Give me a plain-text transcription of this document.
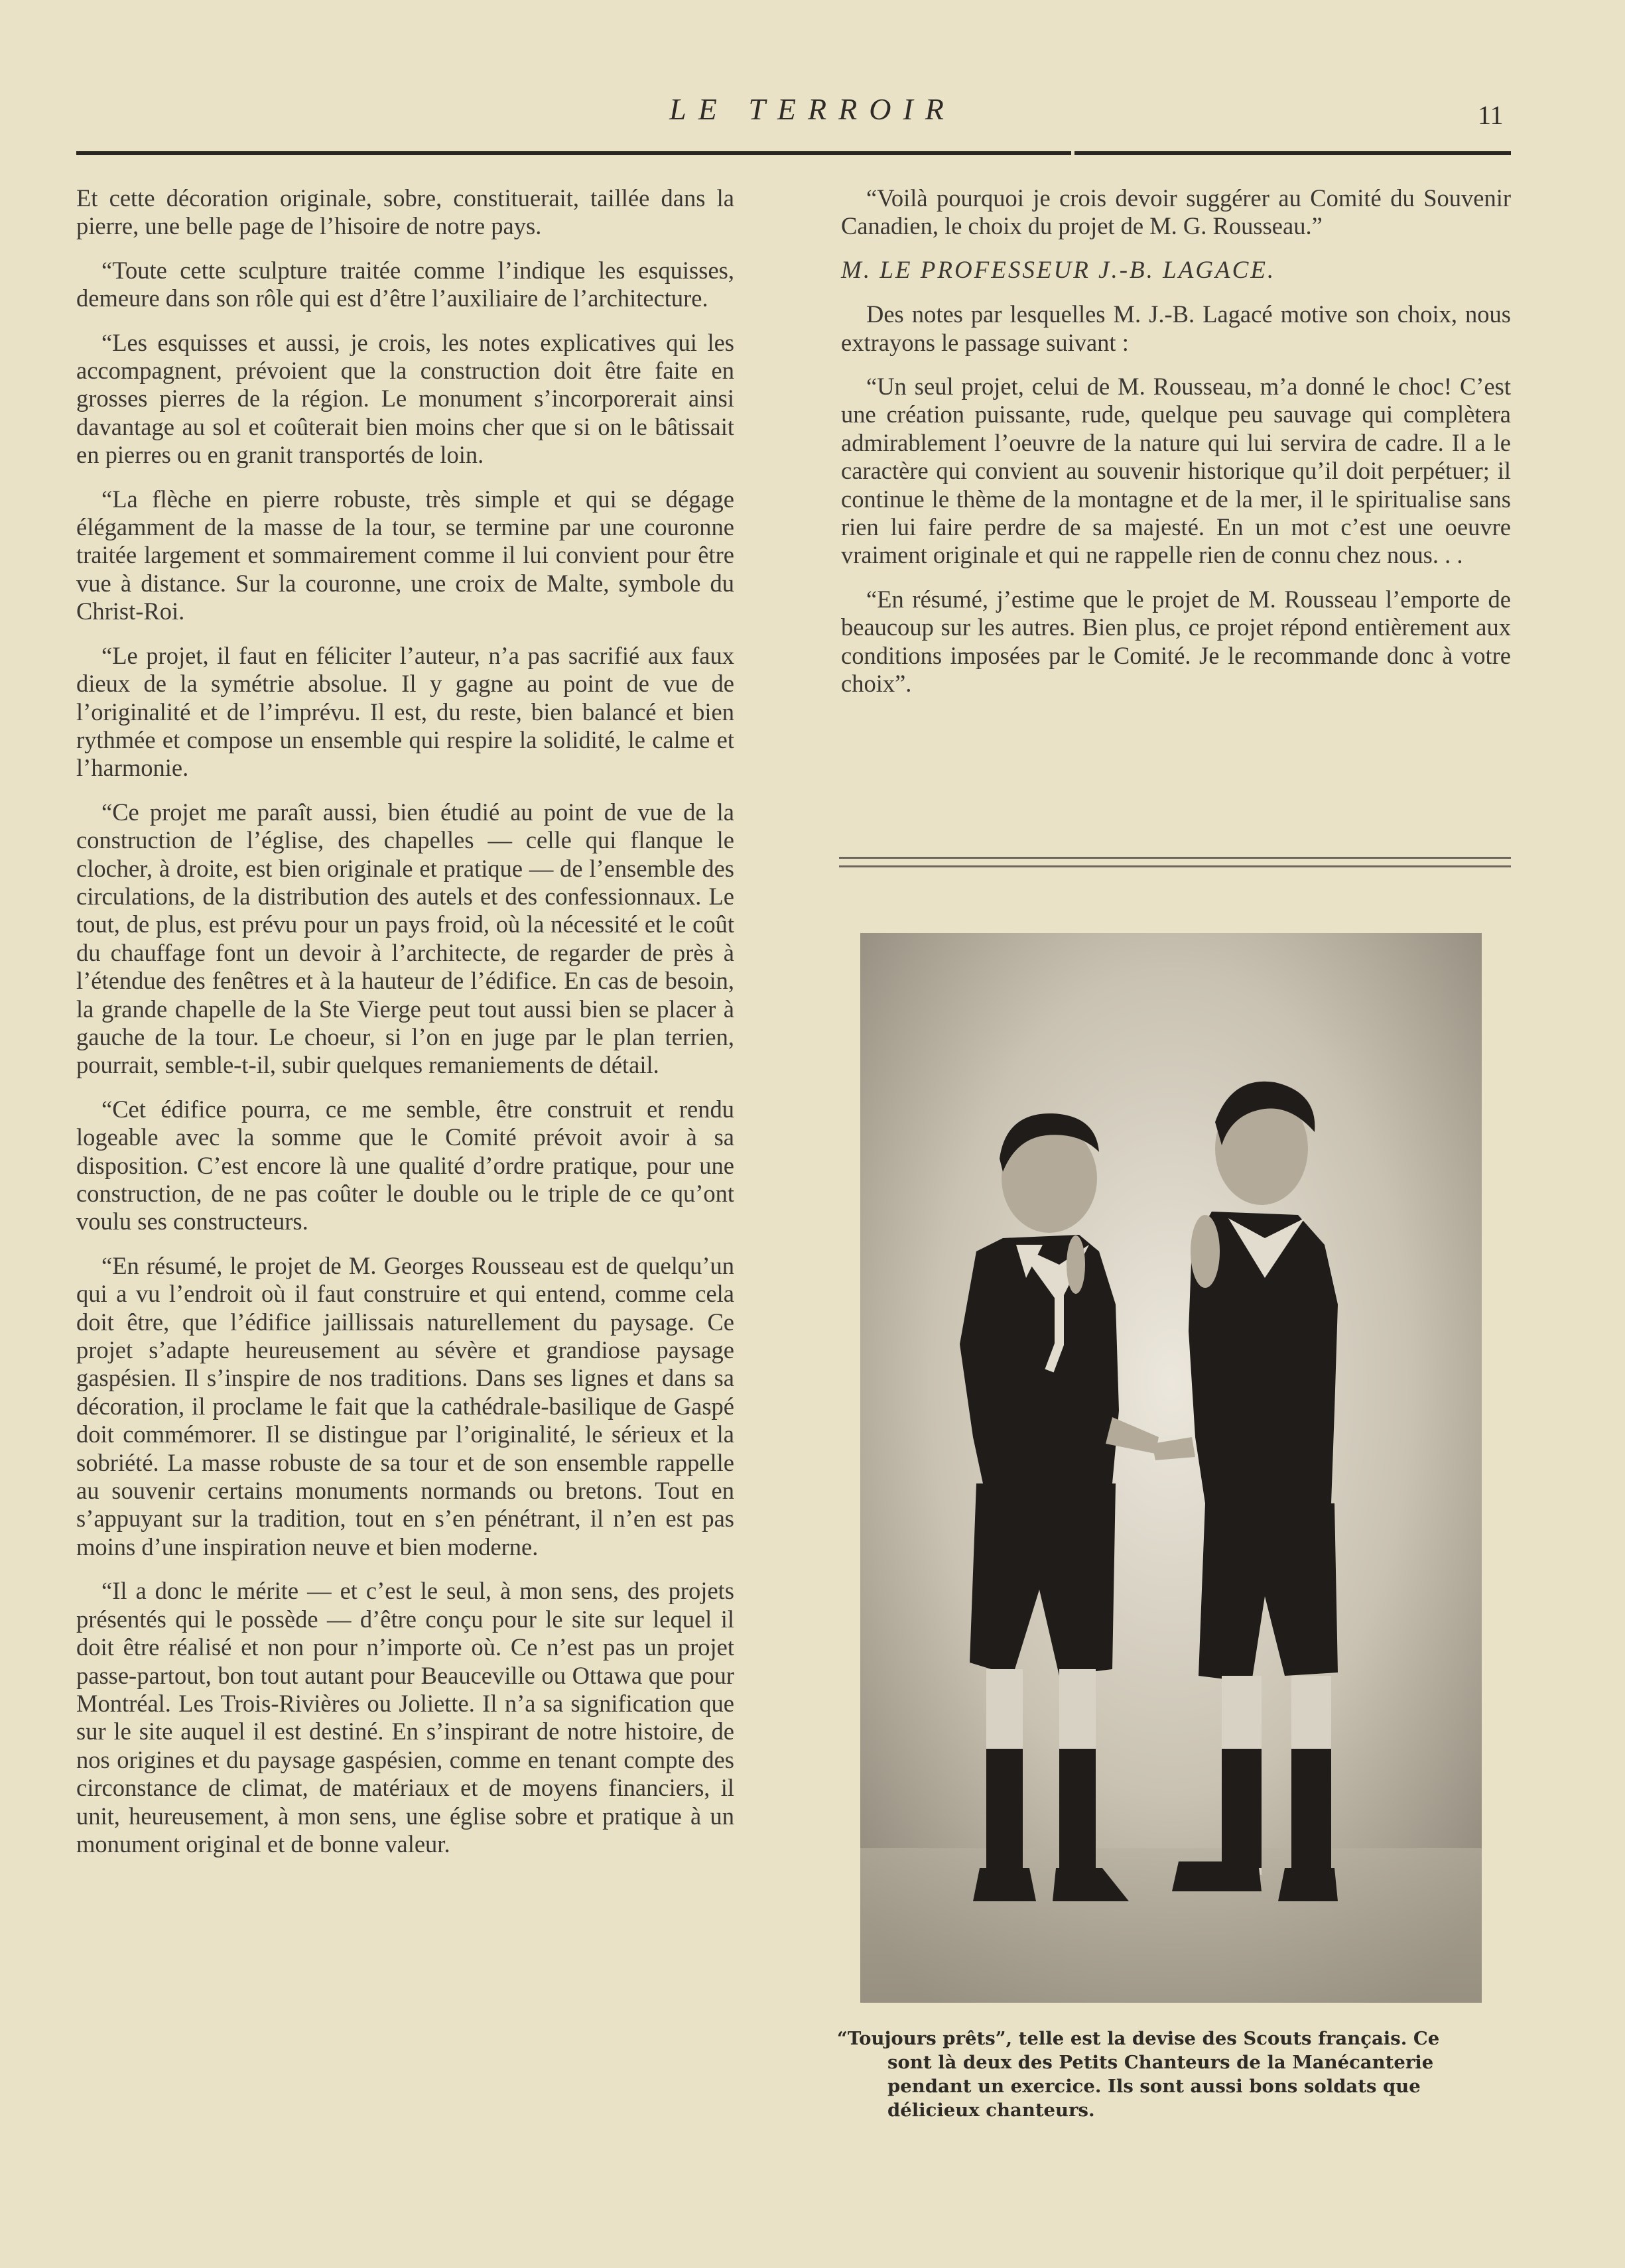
LE TERROIR	11

Et cette décoration originale, sobre, constituerait, taillée dans la pierre, une belle page de l’hisoire de notre pays.

“Toute cette sculpture traitée comme l’indique les esquisses, demeure dans son rôle qui est d’être l’auxiliaire de l’architecture.

“Les esquisses et aussi, je crois, les notes explicatives qui les accompagnent, prévoient que la construction doit être faite en grosses pierres de la région. Le monument s’incorporerait ainsi davantage au sol et coûterait bien moins cher que si on le bâtissait en pierres ou en granit transportés de loin.

“La flèche en pierre robuste, très simple et qui se dégage élégamment de la masse de la tour, se termine par une couronne traitée largement et sommairement comme il lui convient pour être vue à distance. Sur la couronne, une croix de Malte, symbole du Christ-Roi.

“Le projet, il faut en féliciter l’auteur, n’a pas sacrifié aux faux dieux de la symétrie absolue. Il y gagne au point de vue de l’originalité et de l’imprévu. Il est, du reste, bien balancé et bien rythmée et compose un ensemble qui respire la solidité, le calme et l’harmonie.

“Ce projet me paraît aussi, bien étudié au point de vue de la construction de l’église, des chapelles — celle qui flanque le clocher, à droite, est bien originale et pratique — de l’ensemble des circulations, de la distribution des autels et des confessionnaux. Le tout, de plus, est prévu pour un pays froid, où la nécessité et le coût du chauffage font un devoir à l’architecte, de regarder de près à l’étendue des fenêtres et à la hauteur de l’édifice. En cas de besoin, la grande chapelle de la Ste Vierge peut tout aussi bien se placer à gauche de la tour. Le choeur, si l’on en juge par le plan terrien, pourrait, semble-t-il, subir quelques remaniements de détail.

“Cet édifice pourra, ce me semble, être construit et rendu logeable avec la somme que le Comité prévoit avoir à sa disposition. C’est encore là une qualité d’ordre pratique, pour une construction, de ne pas coûter le double ou le triple de ce qu’ont voulu ses constructeurs.

“En résumé, le projet de M. Georges Rousseau est de quelqu’un qui a vu l’endroit où il faut construire et qui entend, comme cela doit être, que l’édifice jaillissais naturellement du paysage. Ce projet s’adapte heureusement au sévère et grandiose paysage gaspésien. Il s’inspire de nos traditions. Dans ses lignes et dans sa décoration, il proclame le fait que la cathédrale-basilique de Gaspé doit commémorer. Il se distingue par l’originalité, le sérieux et la sobriété. La masse robuste de sa tour et de son ensemble rappelle au souvenir certains monuments normands ou bretons. Tout en s’appuyant sur la tradition, tout en s’en pénétrant, il n’en est pas moins d’une inspiration neuve et bien moderne.

“Il a donc le mérite — et c’est le seul, à mon sens, des projets présentés qui le possède — d’être conçu pour le site sur lequel il doit être réalisé et non pour n’importe où. Ce n’est pas un projet passe-partout, bon tout autant pour Beauceville ou Ottawa que pour Montréal. Les Trois-Rivières ou Joliette. Il n’a sa signification que sur le site auquel il est destiné. En s’inspirant de notre histoire, de nos origines et du paysage gaspésien, comme en tenant compte des circonstance de climat, de matériaux et de moyens financiers, il unit, heureusement, à mon sens, une église sobre et pratique à un monument original et de bonne valeur.

“Voilà pourquoi je crois devoir suggérer au Comité du Souvenir Canadien, le choix du projet de M. G. Rousseau.”

M. LE PROFESSEUR J.-B. LAGACE.

Des notes par lesquelles M. J.-B. Lagacé motive son choix, nous extrayons le passage suivant :

“Un seul projet, celui de M. Rousseau, m’a donné le choc! C’est une création puissante, rude, quelque peu sauvage qui complètera admirablement l’oeuvre de la nature qui lui servira de cadre. Il a le caractère qui convient au souvenir historique qu’il doit perpétuer; il continue le thème de la montagne et de la mer, il le spiritualise sans rien lui faire perdre de sa majesté. En un mot c’est une oeuvre vraiment originale et qui ne rappelle rien de connu chez nous. . .

“En résumé, j’estime que le projet de M. Rousseau l’emporte de beaucoup sur les autres. Bien plus, ce projet répond entièrement aux conditions imposées par le Comité. Je le recommande donc à votre choix”.

“Toujours prêts”, telle est la devise des Scouts français. Ce
sont là deux des Petits Chanteurs de la Manécanterie pendant un exercice. Ils sont aussi bons soldats que délicieux chanteurs.
